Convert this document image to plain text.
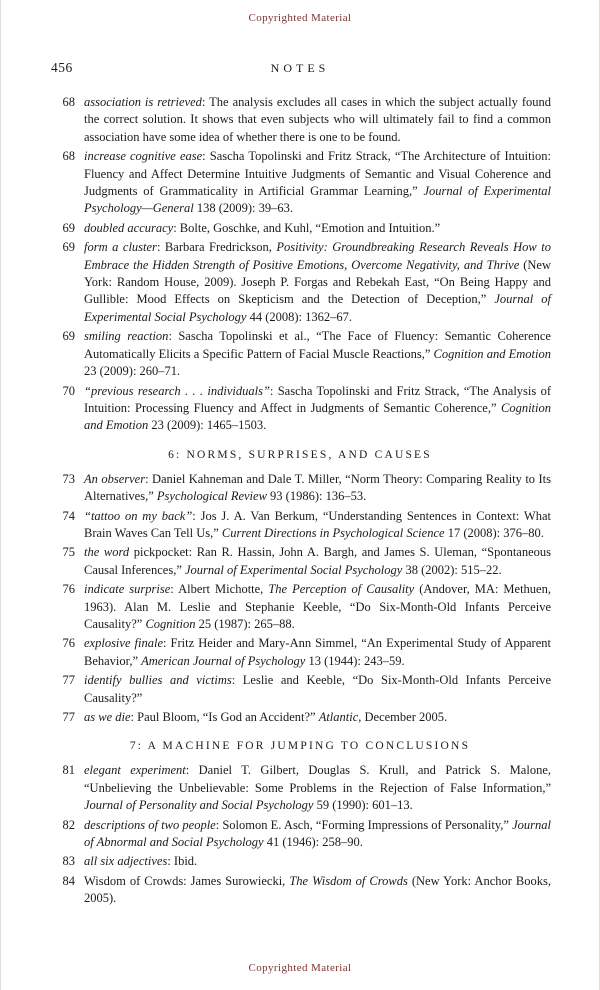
Copyrighted Material
456	NOTES
68 association is retrieved: The analysis excludes all cases in which the subject actually found the correct solution. It shows that even subjects who will ultimately fail to find a common association have some idea of whether there is one to be found.
68 increase cognitive ease: Sascha Topolinski and Fritz Strack, “The Architecture of Intuition: Fluency and Affect Determine Intuitive Judgments of Semantic and Visual Coherence and Judgments of Grammaticality in Artificial Grammar Learning,” Journal of Experimental Psychology—General 138 (2009): 39–63.
69 doubled accuracy: Bolte, Goschke, and Kuhl, “Emotion and Intuition.”
69 form a cluster: Barbara Fredrickson, Positivity: Groundbreaking Research Reveals How to Embrace the Hidden Strength of Positive Emotions, Overcome Negativity, and Thrive (New York: Random House, 2009). Joseph P. Forgas and Rebekah East, “On Being Happy and Gullible: Mood Effects on Skepticism and the Detection of Deception,” Journal of Experimental Social Psychology 44 (2008): 1362–67.
69 smiling reaction: Sascha Topolinski et al., “The Face of Fluency: Semantic Coherence Automatically Elicits a Specific Pattern of Facial Muscle Reactions,” Cognition and Emotion 23 (2009): 260–71.
70 “previous research . . . individuals”: Sascha Topolinski and Fritz Strack, “The Analysis of Intuition: Processing Fluency and Affect in Judgments of Semantic Coherence,” Cognition and Emotion 23 (2009): 1465–1503.
6: NORMS, SURPRISES, AND CAUSES
73 An observer: Daniel Kahneman and Dale T. Miller, “Norm Theory: Comparing Reality to Its Alternatives,” Psychological Review 93 (1986): 136–53.
74 “tattoo on my back”: Jos J. A. Van Berkum, “Understanding Sentences in Context: What Brain Waves Can Tell Us,” Current Directions in Psychological Science 17 (2008): 376–80.
75 the word pickpocket: Ran R. Hassin, John A. Bargh, and James S. Uleman, “Spontaneous Causal Inferences,” Journal of Experimental Social Psychology 38 (2002): 515–22.
76 indicate surprise: Albert Michotte, The Perception of Causality (Andover, MA: Methuen, 1963). Alan M. Leslie and Stephanie Keeble, “Do Six-Month-Old Infants Perceive Causality?” Cognition 25 (1987): 265–88.
76 explosive finale: Fritz Heider and Mary-Ann Simmel, “An Experimental Study of Apparent Behavior,” American Journal of Psychology 13 (1944): 243–59.
77 identify bullies and victims: Leslie and Keeble, “Do Six-Month-Old Infants Perceive Causality?”
77 as we die: Paul Bloom, “Is God an Accident?” Atlantic, December 2005.
7: A MACHINE FOR JUMPING TO CONCLUSIONS
81 elegant experiment: Daniel T. Gilbert, Douglas S. Krull, and Patrick S. Malone, “Unbelieving the Unbelievable: Some Problems in the Rejection of False Information,” Journal of Personality and Social Psychology 59 (1990): 601–13.
82 descriptions of two people: Solomon E. Asch, “Forming Impressions of Personality,” Journal of Abnormal and Social Psychology 41 (1946): 258–90.
83 all six adjectives: Ibid.
84 Wisdom of Crowds: James Surowiecki, The Wisdom of Crowds (New York: Anchor Books, 2005).
Copyrighted Material
